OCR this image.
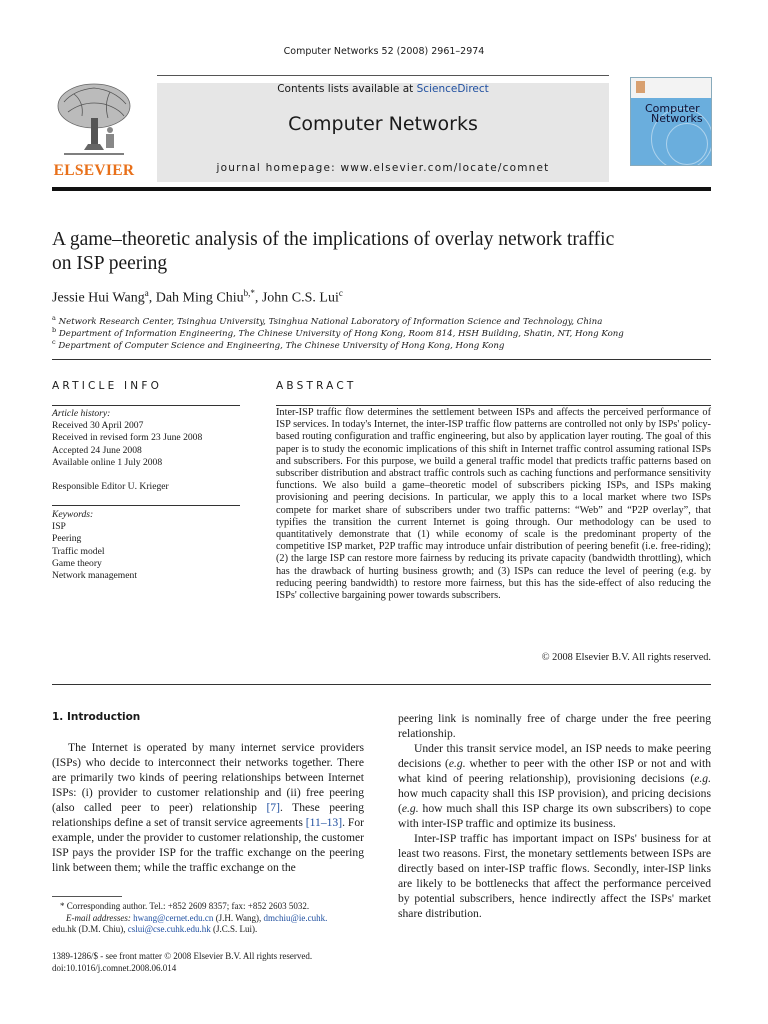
Computer Networks 52 (2008) 2961–2974
ELSEVIER
Contents lists available at ScienceDirect
Computer Networks
journal homepage: www.elsevier.com/locate/comnet
Computer
Networks
A game–theoretic analysis of the implications of overlay network traffic
on ISP peering
Jessie Hui Wang$^a$, Dah Ming Chiu$^{b,*}$, John C.S. Lui$^c$
$^a$ Network Research Center, Tsinghua University, Tsinghua National Laboratory of Information Science and Technology, China
$^b$ Department of Information Engineering, The Chinese University of Hong Kong, Room 814, HSH Building, Shatin, NT, Hong Kong
$^c$ Department of Computer Science and Engineering, The Chinese University of Hong Kong, Hong Kong
ARTICLE INFO
Article history:
Received 30 April 2007
Received in revised form 23 June 2008
Accepted 24 June 2008
Available online 1 July 2008
Responsible Editor U. Krieger
Keywords:
ISP
Peering
Traffic model
Game theory
Network management
ABSTRACT
Inter-ISP traffic flow determines the settlement between ISPs and affects the perceived performance of ISP services. In today's Internet, the inter-ISP traffic flow patterns are controlled not only by ISPs' policy-based routing configuration and traffic engineering, but also by application layer routing. The goal of this paper is to study the economic implications of this shift in Internet traffic control assuming rational ISPs and subscribers. For this purpose, we build a general traffic model that predicts traffic patterns based on subscriber distribution and abstract traffic controls such as caching functions and performance sensitivity functions. We also build a game–theoretic model of subscribers picking ISPs, and ISPs making provisioning and peering decisions. In particular, we apply this to a local market where two ISPs compete for market share of subscribers under two traffic patterns: “Web” and “P2P overlay”, that typifies the transition the current Internet is going through. Our methodology can be used to quantitatively demonstrate that (1) while economy of scale is the predominant property of the competitive ISP market, P2P traffic may introduce unfair distribution of peering benefit (i.e. free-riding); (2) the large ISP can restore more fairness by reducing its private capacity (bandwidth throttling), which has the drawback of hurting business growth; and (3) ISPs can reduce the level of peering (e.g. by reducing peering bandwidth) to restore more fairness, but this has the side-effect of also reducing the ISPs' collective bargaining power towards subscribers.
© 2008 Elsevier B.V. All rights reserved.
1. Introduction

The Internet is operated by many internet service providers (ISPs) who decide to interconnect their networks together. There are primarily two kinds of peering relationships between Internet ISPs: (i) provider to customer relationship and (ii) free peering (also called peer to peer) relationship [7]. These peering relationships define a set of transit service agreements [11–13]. For example, under the provider to customer relationship, the customer ISP pays the provider ISP for the traffic exchange on the peering link between them; while the traffic exchange on the

* Corresponding author. Tel.: +852 2609 8357; fax: +852 2603 5032.
E-mail addresses: hwang@cernet.edu.cn (J.H. Wang), dmchiu@ie.cuhk.
edu.hk (D.M. Chiu), cslui@cse.cuhk.edu.hk (J.C.S. Lui).
1389-1286/$ - see front matter © 2008 Elsevier B.V. All rights reserved.
doi:10.1016/j.comnet.2008.06.014

peering link is nominally free of charge under the free peering relationship.

Under this transit service model, an ISP needs to make peering decisions (e.g. whether to peer with the other ISP or not and with what kind of peering relationship), provisioning decisions (e.g. how much capacity shall this ISP provision), and pricing decisions (e.g. how much shall this ISP charge its own subscribers) to cope with inter-ISP traffic and optimize its business.

Inter-ISP traffic has important impact on ISPs' business for at least two reasons. First, the monetary settlements between ISPs are directly based on inter-ISP traffic flows. Secondly, inter-ISP links are likely to be bottlenecks that affect the performance perceived by potential subscribers, hence indirectly affect the ISPs' market share distribution.
